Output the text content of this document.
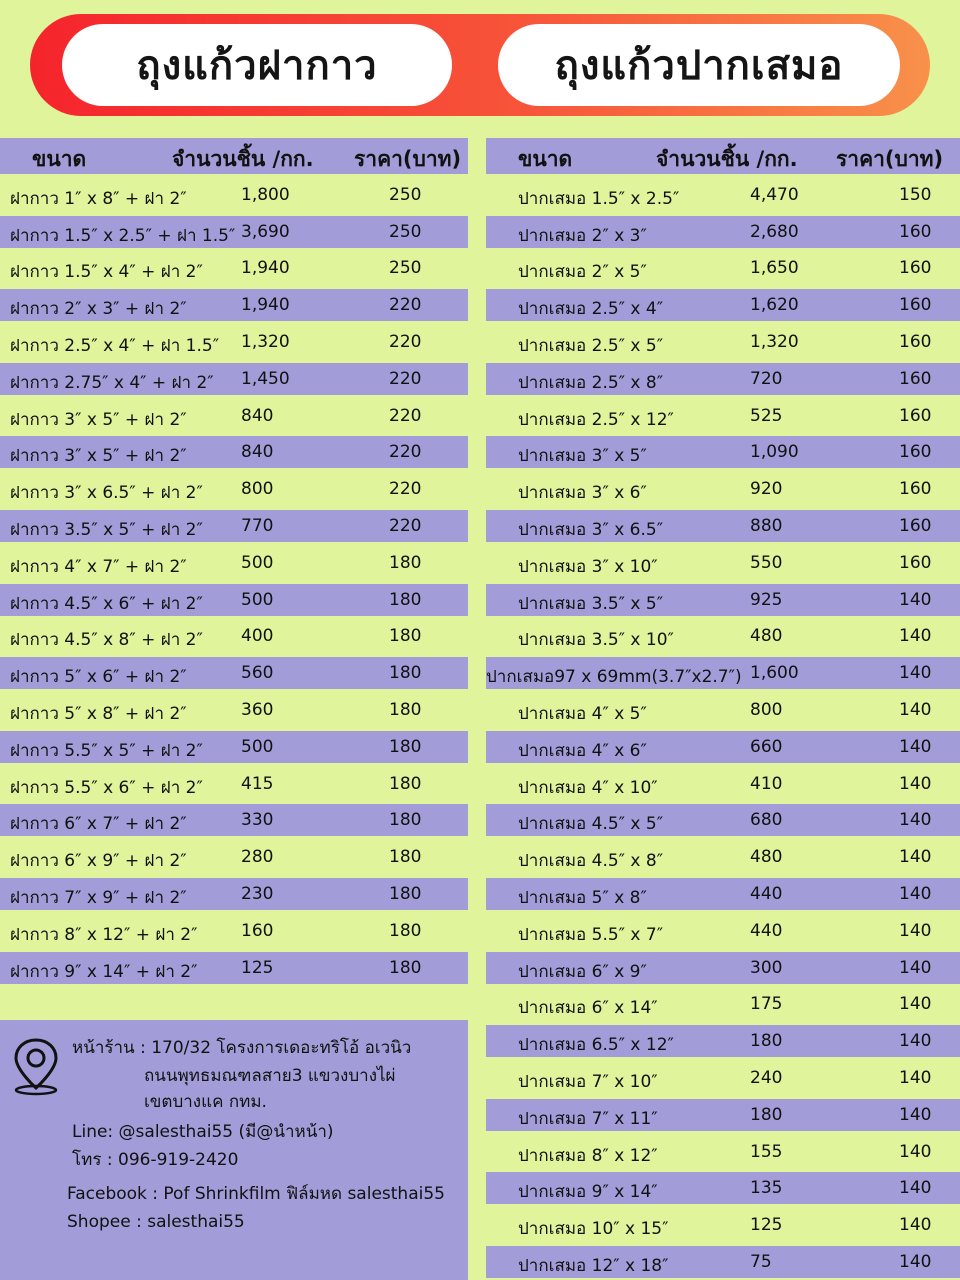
ถุงแก้วฝากาว	ถุงแก้วปากเสมอ
ขนาด	จำนวนชิ้น /กก. ราคา(บาท)
ฝากาว 1″ x 8″ + ฝา 2″	1,800	250
ฝากาว 1.5″ x 2.5″ + ฝา 1.5″ 3,690	250
ฝากาว 1.5″ x 4″ + ฝา 2″ 1,940	250
ฝากาว 2″ x 3″ + ฝา 2″	1,940	220
ฝากาว 2.5″ x 4″ + ฝา 1.5″ 1,320	220
ฝากาว 2.75″ x 4″ + ฝา 2″ 1,450	220
ฝากาว 3″ x 5″ + ฝา 2″	840	220
ฝากาว 3″ x 5″ + ฝา 2″	840	220
ฝากาว 3″ x 6.5″ + ฝา 2″ 800	220
ฝากาว 3.5″ x 5″ + ฝา 2″ 770	220
ฝากาว 4″ x 7″ + ฝา 2″	500	180
ฝากาว 4.5″ x 6″ + ฝา 2″ 500	180
ฝากาว 4.5″ x 8″ + ฝา 2″ 400	180
ฝากาว 5″ x 6″ + ฝา 2″	560	180
ฝากาว 5″ x 8″ + ฝา 2″	360	180
ฝากาว 5.5″ x 5″ + ฝา 2″ 500	180
ฝากาว 5.5″ x 6″ + ฝา 2″ 415	180
ฝากาว 6″ x 7″ + ฝา 2″	330	180
ฝากาว 6″ x 9″ + ฝา 2″	280	180
ฝากาว 7″ x 9″ + ฝา 2″	230	180
ฝากาว 8″ x 12″ + ฝา 2″	160	180
ฝากาว 9″ x 14″ + ฝา 2″	125	180
ขนาด	จำนวนชิ้น /กก. ราคา(บาท)
ปากเสมอ 1.5″ x 2.5″	4,470	150
ปากเสมอ 2″ x 3″	2,680	160
ปากเสมอ 2″ x 5″	1,650	160
ปากเสมอ 2.5″ x 4″	1,620	160
ปากเสมอ 2.5″ x 5″	1,320	160
ปากเสมอ 2.5″ x 8″	720	160
ปากเสมอ 2.5″ x 12″	525	160
ปากเสมอ 3″ x 5″	1,090	160
ปากเสมอ 3″ x 6″	920	160
ปากเสมอ 3″ x 6.5″	880	160
ปากเสมอ 3″ x 10″	550	160
ปากเสมอ 3.5″ x 5″	925	140
ปากเสมอ 3.5″ x 10″	480	140
ปากเสมอ97 x 69mm(3.7″x2.7″) 1,600	140
ปากเสมอ 4″ x 5″	800	140
ปากเสมอ 4″ x 6″	660	140
ปากเสมอ 4″ x 10″	410	140
ปากเสมอ 4.5″ x 5″	680	140
ปากเสมอ 4.5″ x 8″	480	140
ปากเสมอ 5″ x 8″	440	140
ปากเสมอ 5.5″ x 7″	440	140
ปากเสมอ 6″ x 9″	300	140
ปากเสมอ 6″ x 14″	175	140
ปากเสมอ 6.5″ x 12″	180	140
ปากเสมอ 7″ x 10″	240	140
ปากเสมอ 7″ x 11″	180	140
ปากเสมอ 8″ x 12″	155	140
ปากเสมอ 9″ x 14″	135	140
ปากเสมอ 10″ x 15″	125	140
ปากเสมอ 12″ x 18″	75	140
หน้าร้าน : 170/32 โครงการเดอะทริโอ้ อเวนิว
ถนนพุทธมณฑลสาย3 แขวงบางไผ่
เขตบางแค กทม.
Line: @salesthai55 (มี@นำหน้า)
โทร : 096-919-2420
Facebook : Pof Shrinkfilm ฟิล์มหด salesthai55
Shopee : salesthai55
